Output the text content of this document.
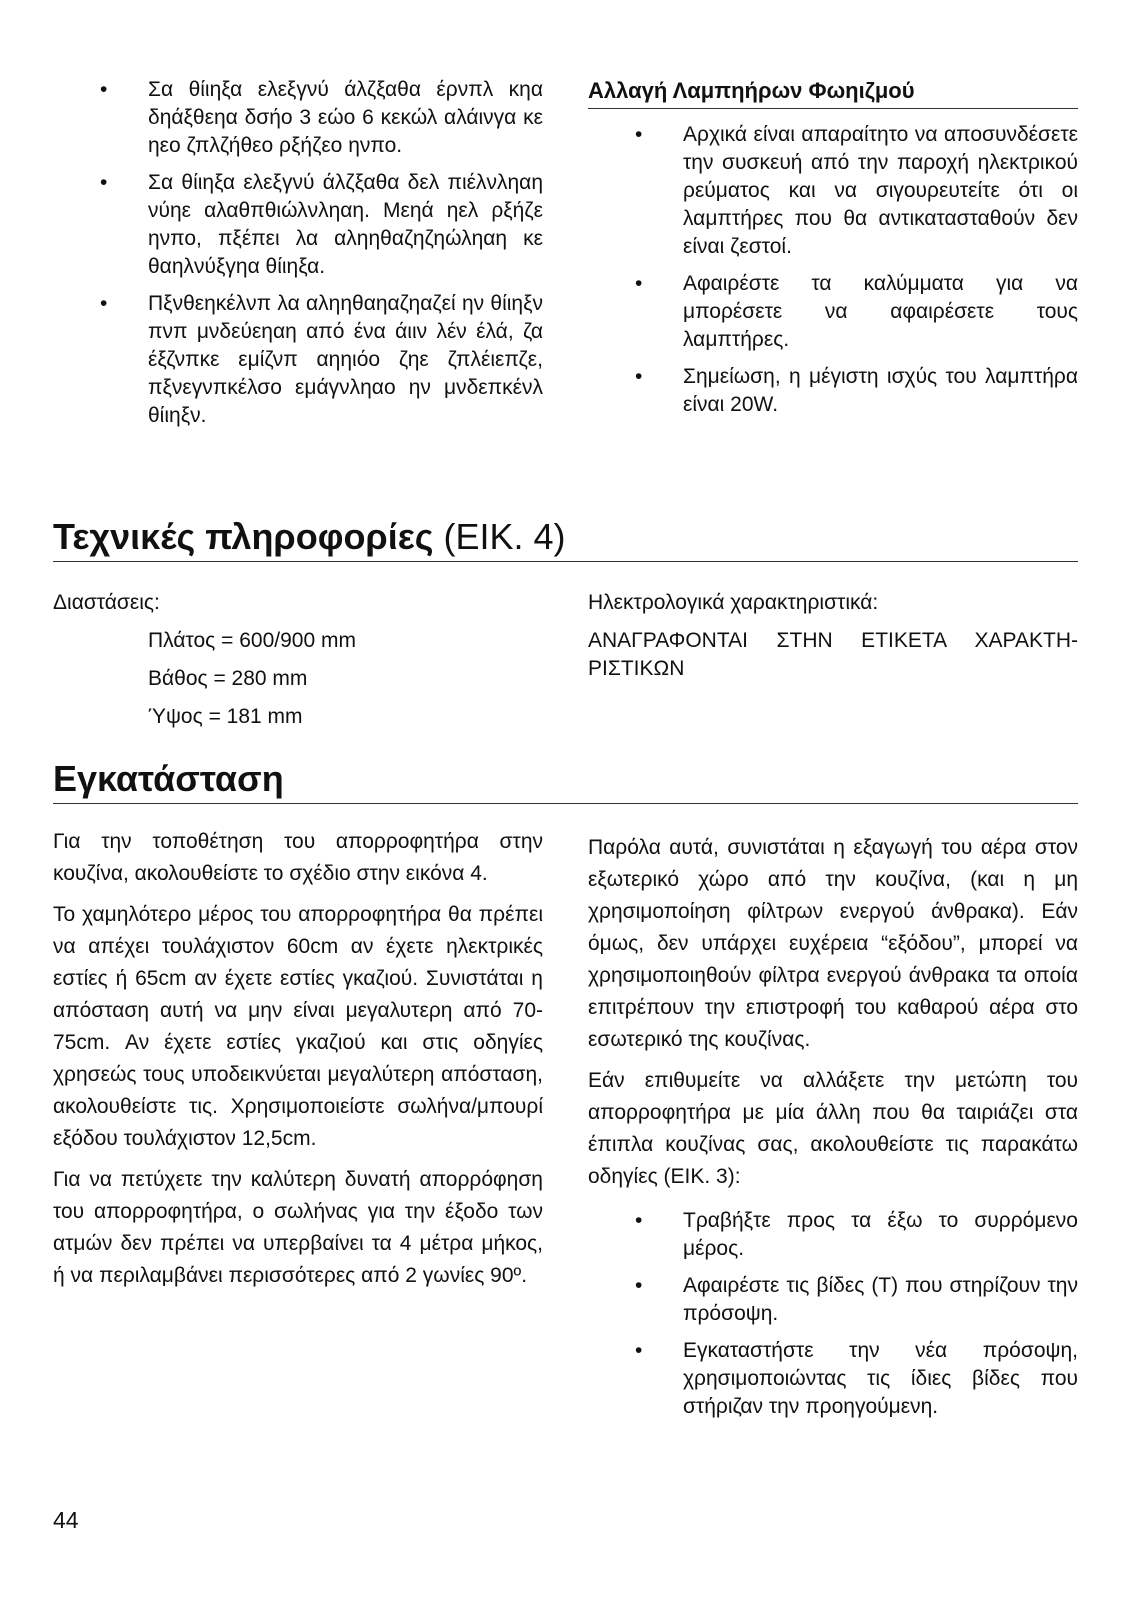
• Σα θίιηξα ελεξγνύ άλζξαθα έρνπλ κηα δηάξθεηα δσήο 3 εώο 6 κεκώλ αλάινγα κε ηεο ζπλζήθεο ρξήζεο ηνπο.
• Σα θίιηξα ελεξγνύ άλζξαθα δελ πιέλνληαη νύηε αλαθπθιώλνληαη. Μεηά ηελ ρξήζε ηνπο, πξέπει λα αληηθαζηζηώληαη κε θαηλνύξγηα θίιηξα.
• Πξνθεηκέλνπ λα αληηθαηαζηαζεί ην θίιηξν πνπ μνδεύεηαη από ένα άιιν λέν έλά, ζα έξζνπκε εμίζνπ αηηιόο ζηε ζπλέιεπζε, πξνεγνπκέλσο εμάγνληαο ην μνδεπκένλ θίιηξν.
Αλλαγή Λαμπηήρων Φωηιζμού
• Αρχικά είναι απαραίτητο να αποσυνδέσετε την συσκευή από την παροχή ηλεκτρικού ρεύματος και να σιγουρευτείτε ότι οι λαμπτήρες που θα αντικατασταθούν δεν είναι ζεστοί.
• Αφαιρέστε τα καλύμματα για να μπορέσετε να αφαιρέσετε τους λαμπτήρες.
• Σημείωση, η μέγιστη ισχύς του λαμπτήρα είναι 20W.
Τεχνικές πληροφορίες (ΕΙΚ. 4)

Διαστάσεις:

Πλάτος = 600/900 mm

Βάθος = 280 mm

Ύψος = 181 mm

Ηλεκτρολογικά χαρακτηριστικά:

ΑΝΑΓΡΑΦΟΝΤΑΙ ΣΤΗΝ ΕΤΙΚΕΤΑ ΧΑΡΑΚΤΗ-ΡΙΣΤΙΚΩΝ

Εγκατάσταση

Για την τοποθέτηση του απορροφητήρα στην κουζίνα, ακολουθείστε το σχέδιο στην εικόνα 4.

Το χαμηλότερο μέρος του απορροφητήρα θα πρέπει να απέχει τουλάχιστον 60cm αν έχετε ηλεκτρικές εστίες ή 65cm αν έχετε εστίες γκαζιού. Συνιστάται η απόσταση αυτή να μην είναι μεγαλυτερη από 70-75cm. Αν έχετε εστίες γκαζιού και στις οδηγίες χρησεώς τους υποδεικνύεται μεγαλύτερη απόσταση, ακολουθείστε τις. Χρησιμοποιείστε σωλήνα/μπουρί εξόδου τουλάχιστον 12,5cm.

Για να πετύχετε την καλύτερη δυνατή απορρόφηση του απορροφητήρα, ο σωλήνας για την έξοδο των ατμών δεν πρέπει να υπερβαίνει τα 4 μέτρα μήκος, ή να περιλαμβάνει περισσότερες από 2 γωνίες 90º.

Παρόλα αυτά, συνιστάται η εξαγωγή του αέρα στον εξωτερικό χώρο από την κουζίνα, (και η μη χρησιμοποίηση φίλτρων ενεργού άνθρακα). Εάν όμως, δεν υπάρχει ευχέρεια “εξόδου”, μπορεί να χρησιμοποιηθούν φίλτρα ενεργού άνθρακα τα οποία επιτρέπουν την επιστροφή του καθαρού αέρα στο εσωτερικό της κουζίνας.

Εάν επιθυμείτε να αλλάξετε την μετώπη του απορροφητήρα με μία άλλη που θα ταιριάζει στα έπιπλα κουζίνας σας, ακολουθείστε τις παρακάτω οδηγίες (ΕΙΚ. 3):

• Τραβήξτε προς τα έξω το συρρόμενο μέρος.
• Αφαιρέστε τις βίδες (T) που στηρίζουν την πρόσοψη.
• Εγκαταστήστε την νέα πρόσοψη, χρησιμοποιώντας τις ίδιες βίδες που στήριζαν την προηγούμενη.
44
